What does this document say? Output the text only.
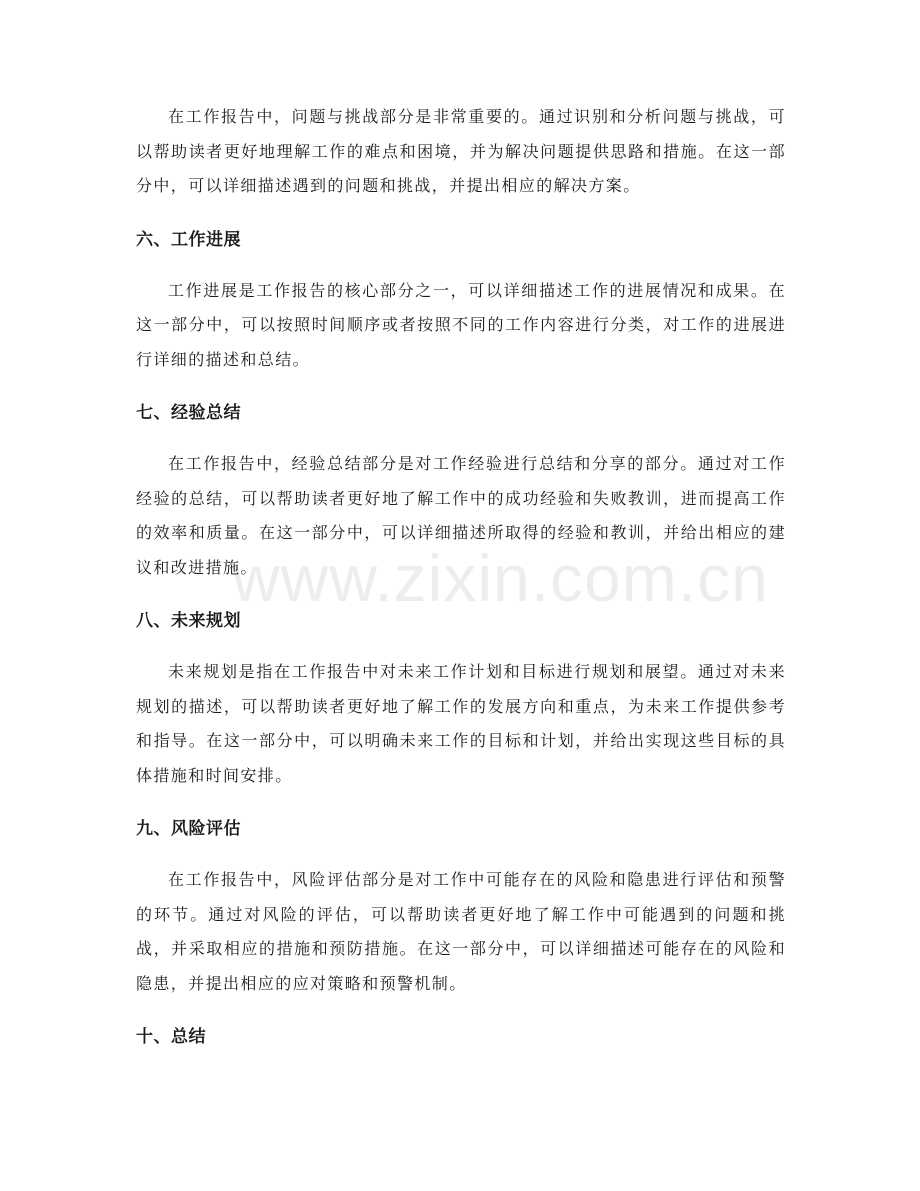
在工作报告中，问题与挑战部分是非常重要的。通过识别和分析问题与挑战，可以帮助读者更好地理解工作的难点和困境，并为解决问题提供思路和措施。在这一部分中，可以详细描述遇到的问题和挑战，并提出相应的解决方案。

六、工作进展

工作进展是工作报告的核心部分之一，可以详细描述工作的进展情况和成果。在这一部分中，可以按照时间顺序或者按照不同的工作内容进行分类，对工作的进展进行详细的描述和总结。

七、经验总结

在工作报告中，经验总结部分是对工作经验进行总结和分享的部分。通过对工作经验的总结，可以帮助读者更好地了解工作中的成功经验和失败教训，进而提高工作的效率和质量。在这一部分中，可以详细描述所取得的经验和教训，并给出相应的建议和改进措施。

八、未来规划

未来规划是指在工作报告中对未来工作计划和目标进行规划和展望。通过对未来规划的描述，可以帮助读者更好地了解工作的发展方向和重点，为未来工作提供参考和指导。在这一部分中，可以明确未来工作的目标和计划，并给出实现这些目标的具体措施和时间安排。

九、风险评估

在工作报告中，风险评估部分是对工作中可能存在的风险和隐患进行评估和预警的环节。通过对风险的评估，可以帮助读者更好地了解工作中可能遇到的问题和挑战，并采取相应的措施和预防措施。在这一部分中，可以详细描述可能存在的风险和隐患，并提出相应的应对策略和预警机制。

十、总结
www.zixin.com.cn
